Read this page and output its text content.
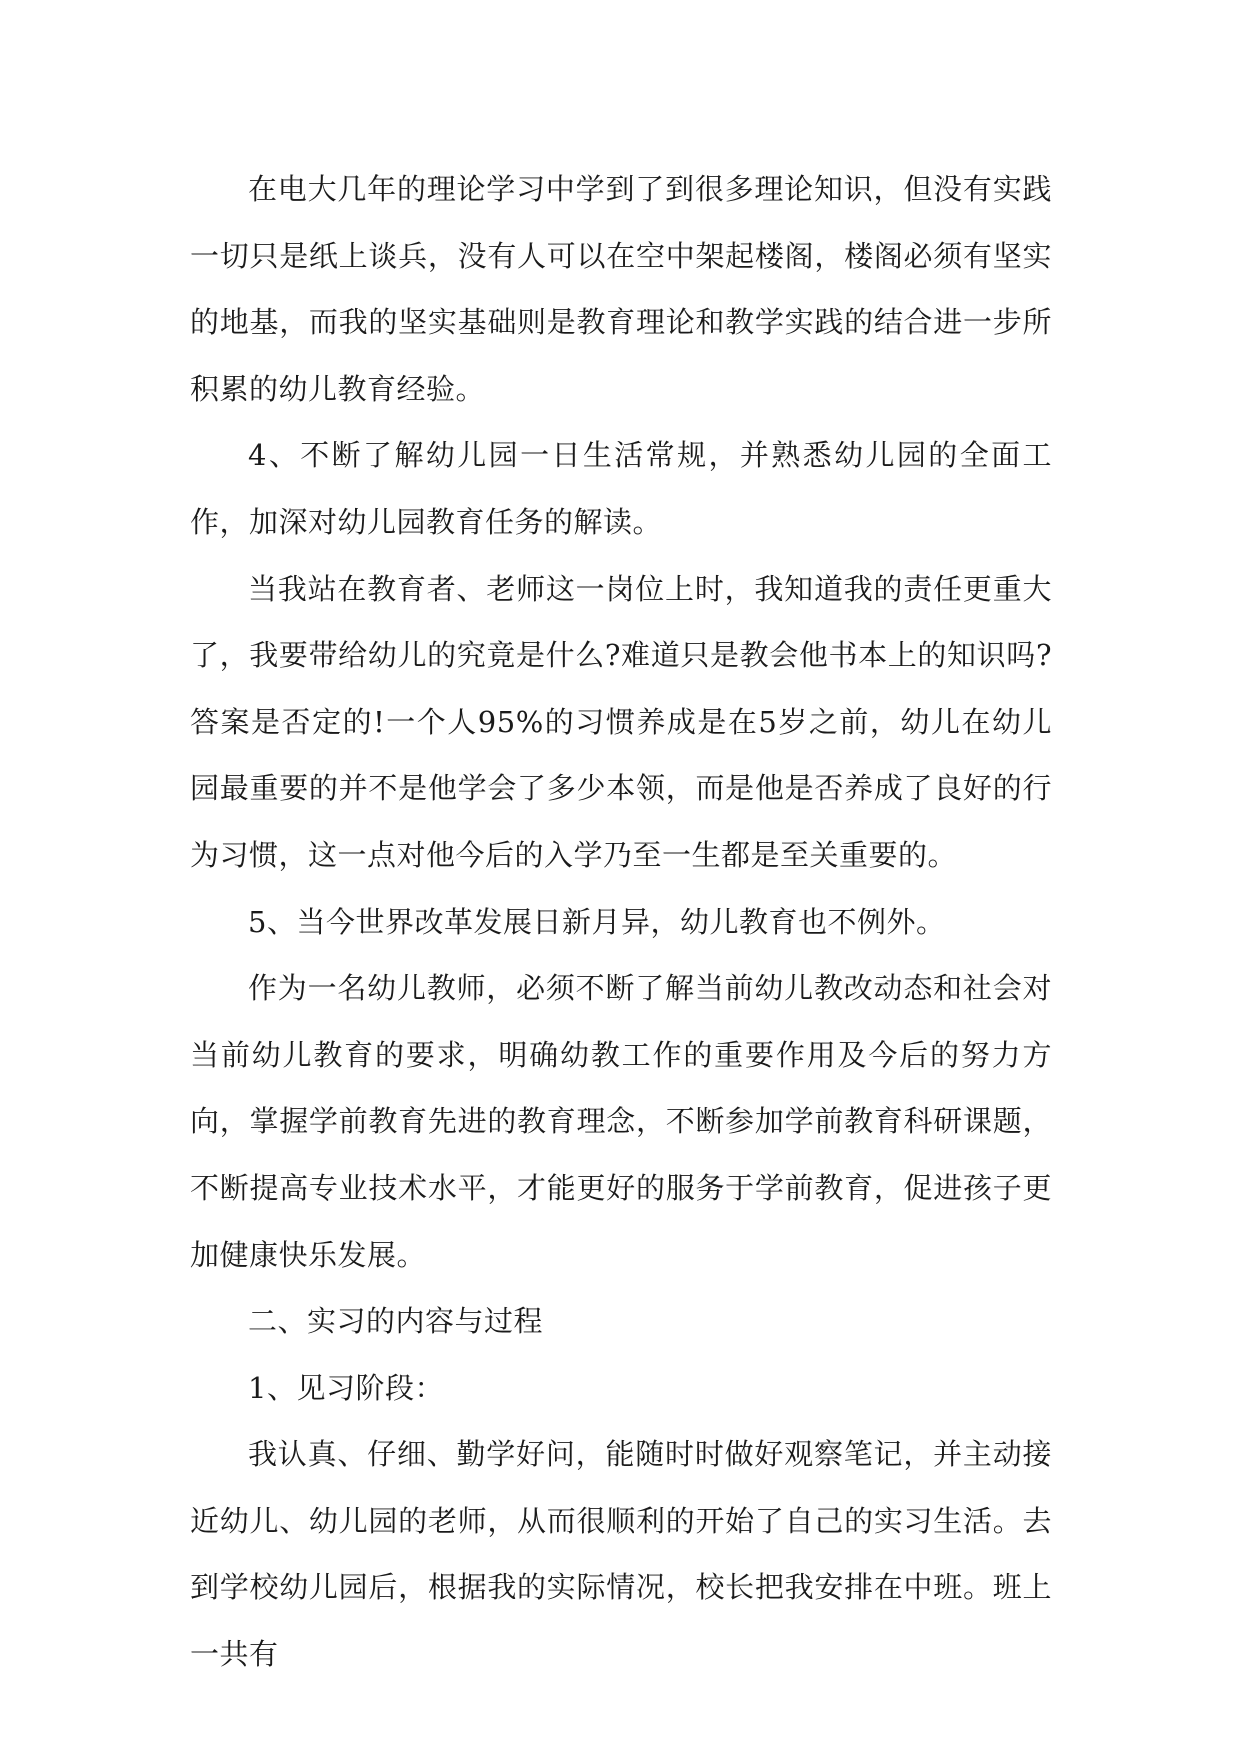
在电大几年的理论学习中学到了到很多理论知识，但没有实践一切只是纸上谈兵，没有人可以在空中架起楼阁，楼阁必须有坚实的地基，而我的坚实基础则是教育理论和教学实践的结合进一步所积累的幼儿教育经验。

4、不断了解幼儿园一日生活常规，并熟悉幼儿园的全面工作，加深对幼儿园教育任务的解读。

当我站在教育者、老师这一岗位上时，我知道我的责任更重大了，我要带给幼儿的究竟是什么?难道只是教会他书本上的知识吗?答案是否定的!一个人95%的习惯养成是在5岁之前，幼儿在幼儿园最重要的并不是他学会了多少本领，而是他是否养成了良好的行为习惯，这一点对他今后的入学乃至一生都是至关重要的。

5、当今世界改革发展日新月异，幼儿教育也不例外。

作为一名幼儿教师，必须不断了解当前幼儿教改动态和社会对当前幼儿教育的要求，明确幼教工作的重要作用及今后的努力方向，掌握学前教育先进的教育理念，不断参加学前教育科研课题，不断提高专业技术水平，才能更好的服务于学前教育，促进孩子更加健康快乐发展。

二、实习的内容与过程

1、见习阶段：

我认真、仔细、勤学好问，能随时时做好观察笔记，并主动接近幼儿、幼儿园的老师，从而很顺利的开始了自己的实习生活。去到学校幼儿园后，根据我的实际情况，校长把我安排在中班。班上一共有
